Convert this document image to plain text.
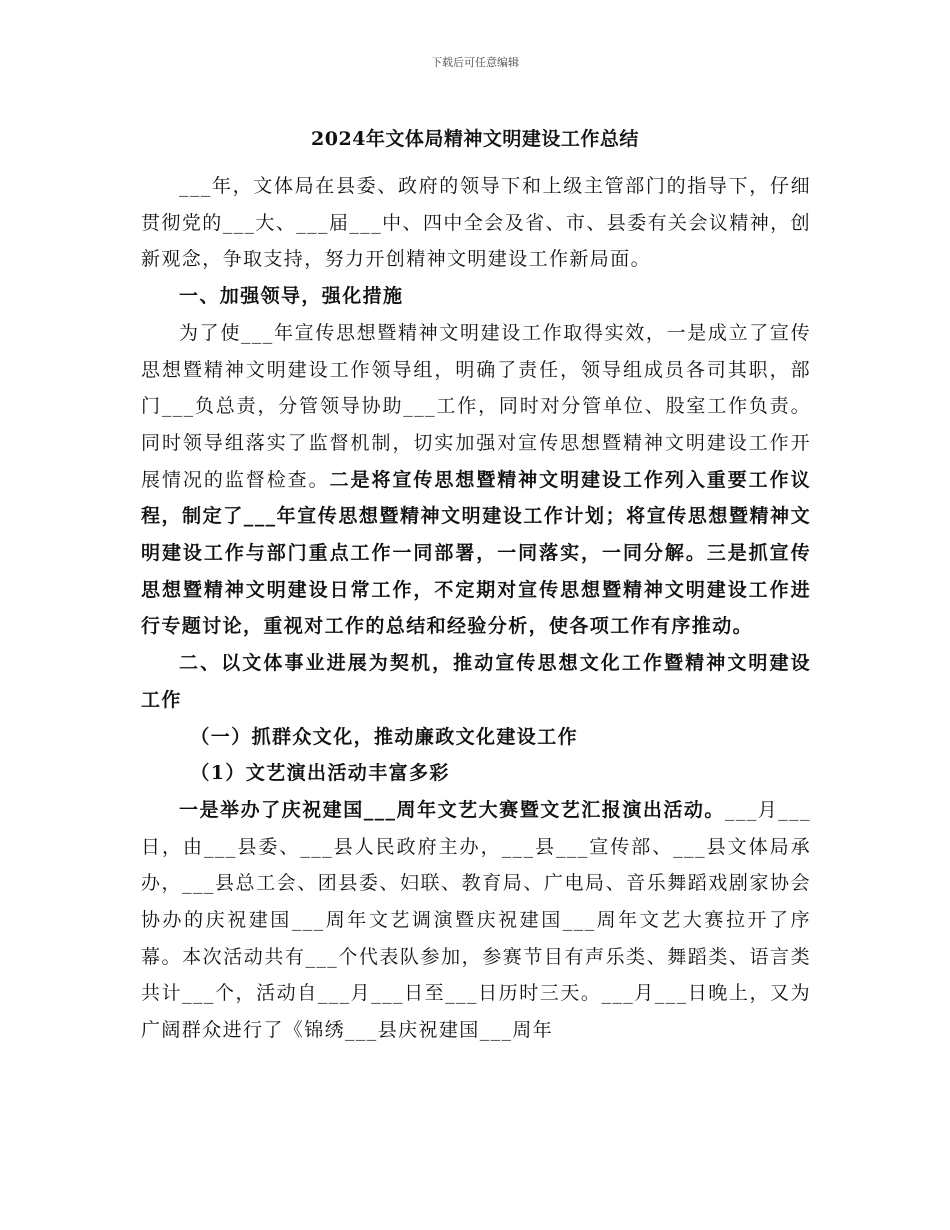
下载后可任意编辑
2024年文体局精神文明建设工作总结

___年，文体局在县委、政府的领导下和上级主管部门的指导下，仔细贯彻党的___大、___届___中、四中全会及省、市、县委有关会议精神，创新观念，争取支持，努力开创精神文明建设工作新局面。

一、加强领导，强化措施

为了使___年宣传思想暨精神文明建设工作取得实效，一是成立了宣传思想暨精神文明建设工作领导组，明确了责任，领导组成员各司其职，部门___负总责，分管领导协助___工作，同时对分管单位、股室工作负责。同时领导组落实了监督机制，切实加强对宣传思想暨精神文明建设工作开展情况的监督检查。二是将宣传思想暨精神文明建设工作列入重要工作议程，制定了___年宣传思想暨精神文明建设工作计划；将宣传思想暨精神文明建设工作与部门重点工作一同部署，一同落实，一同分解。三是抓宣传思想暨精神文明建设日常工作，不定期对宣传思想暨精神文明建设工作进行专题讨论，重视对工作的总结和经验分析，使各项工作有序推动。

二、以文体事业进展为契机，推动宣传思想文化工作暨精神文明建设工作

（一）抓群众文化，推动廉政文化建设工作

（1）文艺演出活动丰富多彩

一是举办了庆祝建国___周年文艺大赛暨文艺汇报演出活动。___月___日，由___县委、___县人民政府主办，___县___宣传部、___县文体局承办，___县总工会、团县委、妇联、教育局、广电局、音乐舞蹈戏剧家协会协办的庆祝建国___周年文艺调演暨庆祝建国___周年文艺大赛拉开了序幕。本次活动共有___个代表队参加，参赛节目有声乐类、舞蹈类、语言类共计___个，活动自___月___日至___日历时三天。___月___日晚上，又为广阔群众进行了《锦绣___县庆祝建国___周年
